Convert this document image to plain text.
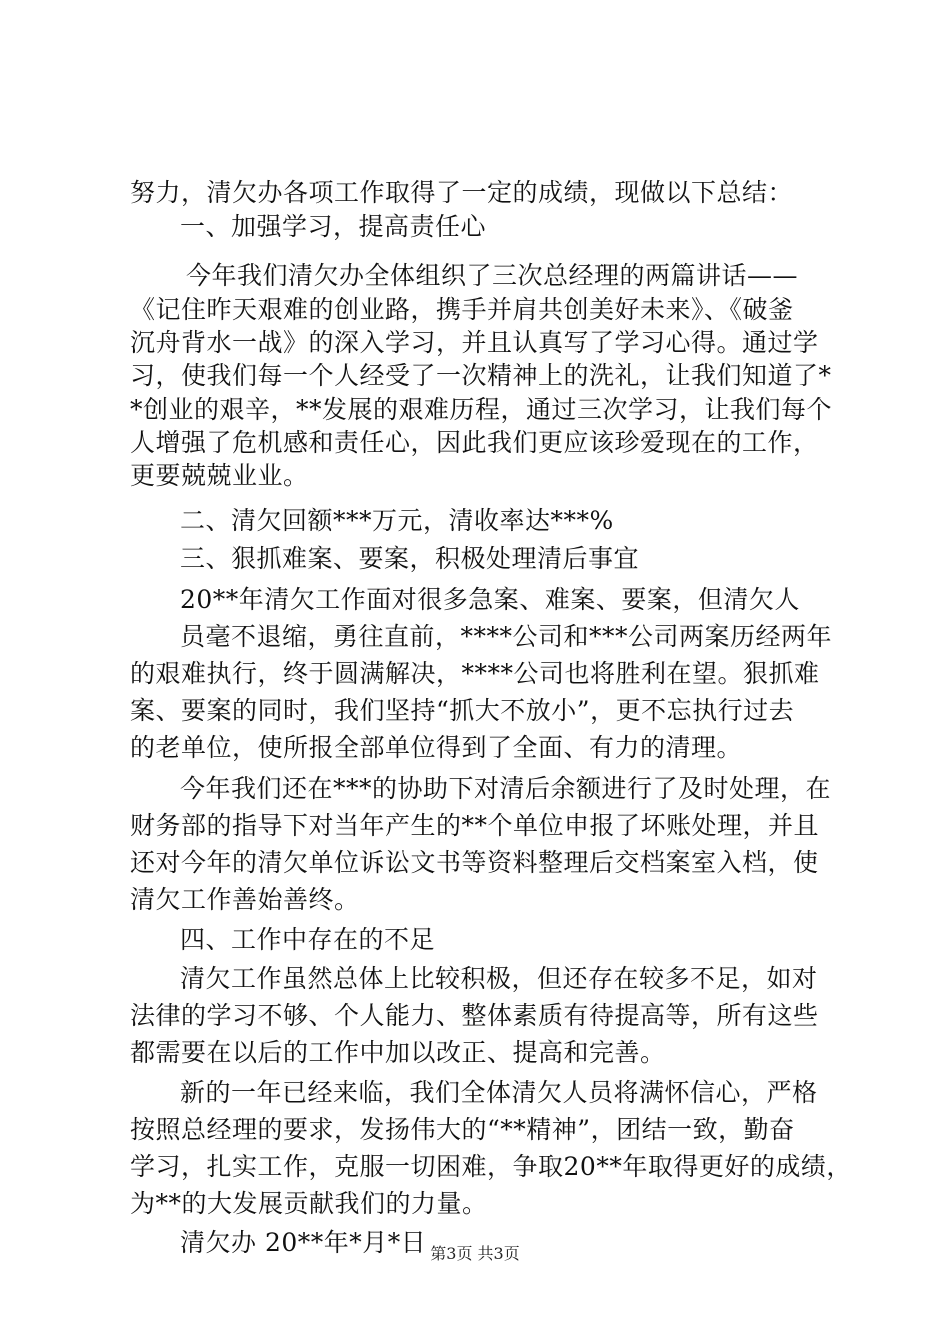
努力，清欠办各项工作取得了一定的成绩，现做以下总结：
一、加强学习，提高责任心
今年我们清欠办全体组织了三次总经理的两篇讲话——
《记住昨天艰难的创业路，携手并肩共创美好未来》、《破釜
沉舟背水一战》的深入学习，并且认真写了学习心得。通过学
习，使我们每一个人经受了一次精神上的洗礼，让我们知道了*
*创业的艰辛，**发展的艰难历程，通过三次学习，让我们每个
人增强了危机感和责任心，因此我们更应该珍爱现在的工作，
更要兢兢业业。
二、清欠回额***万元，清收率达***%
三、狠抓难案、要案，积极处理清后事宜
20**年清欠工作面对很多急案、难案、要案，但清欠人
员毫不退缩，勇往直前，****公司和***公司两案历经两年
的艰难执行，终于圆满解决，****公司也将胜利在望。狠抓难
案、要案的同时，我们坚持“抓大不放小”，更不忘执行过去
的老单位，使所报全部单位得到了全面、有力的清理。
今年我们还在***的协助下对清后余额进行了及时处理，在
财务部的指导下对当年产生的**个单位申报了坏账处理，并且
还对今年的清欠单位诉讼文书等资料整理后交档案室入档，使
清欠工作善始善终。
四、工作中存在的不足
清欠工作虽然总体上比较积极，但还存在较多不足，如对
法律的学习不够、个人能力、整体素质有待提高等，所有这些
都需要在以后的工作中加以改正、提高和完善。
新的一年已经来临，我们全体清欠人员将满怀信心，严格
按照总经理的要求，发扬伟大的“**精神”，团结一致，勤奋
学习，扎实工作，克服一切困难，争取20**年取得更好的成绩，
为**的大发展贡献我们的力量。
清欠办 20**年*月*日 第3页 共3页
